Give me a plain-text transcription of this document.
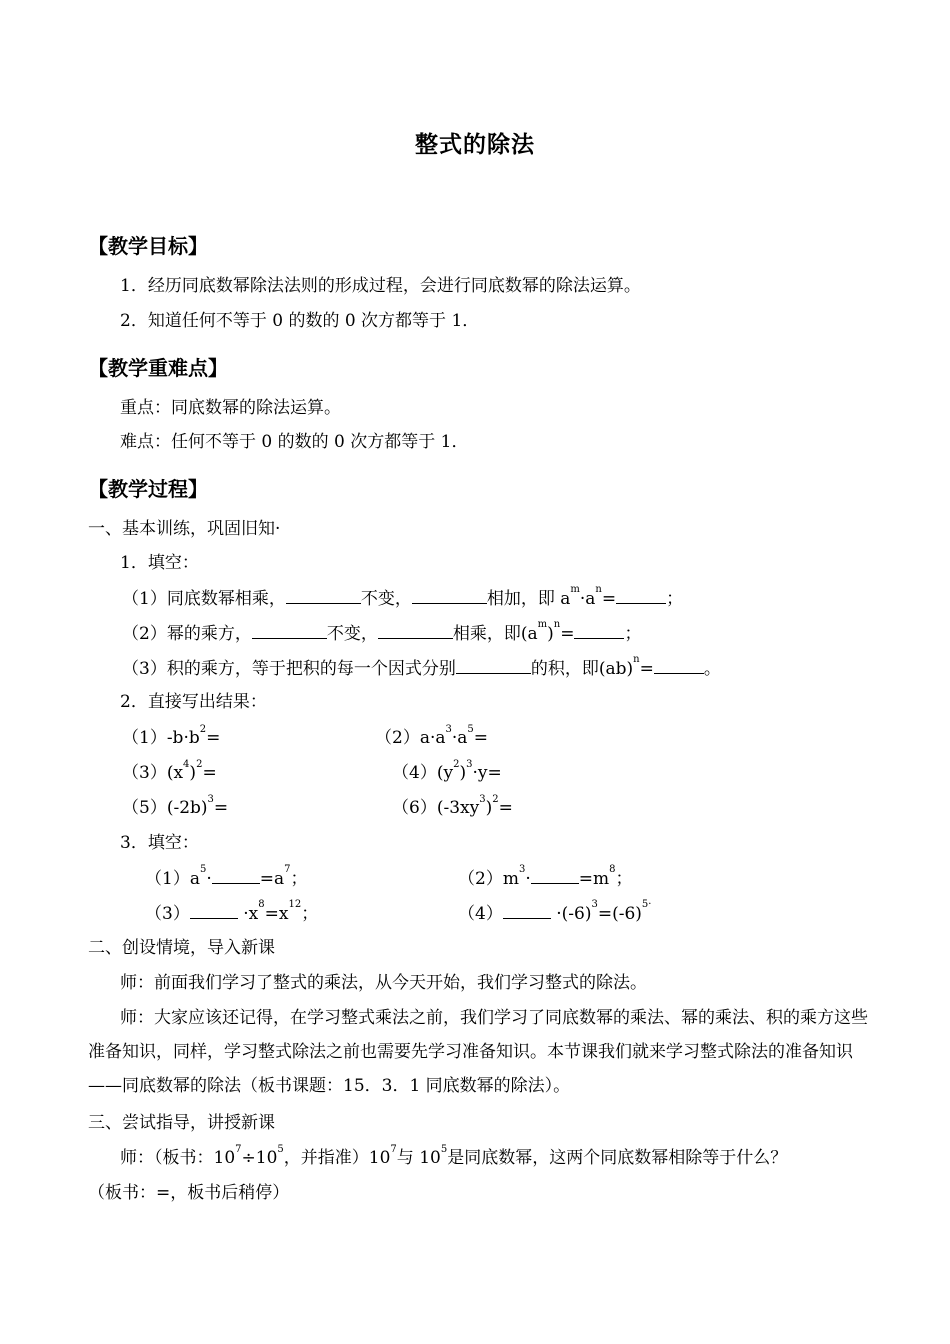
整式的除法
【教学目标】
1．经历同底数幂除法法则的形成过程，会进行同底数幂的除法运算。
2．知道任何不等于 0 的数的 0 次方都等于 1．
【教学重难点】
重点：同底数幂的除法运算。
难点：任何不等于 0 的数的 0 次方都等于 1．
【教学过程】
一、基本训练，巩固旧知·
1．填空：
（1）同底数幂相乘，	不变，	相加，即 $a^m\cdot a^n=$	；
（2）幂的乘方，	不变，	相乘，即$(a^m)^n=$	；
（3）积的乘方，等于把积的每一个因式分别	的积，即(ab)$^n$=	。
2．直接写出结果：
$(1)-b\cdot b^2=$	$(2)a\cdot a^3\cdot a^5=$
$(3)(x^4)^2=$	$(4)(y^2)^3\cdot y=$
$(5)(-2b)^3=$	$(6)(-3xy^3)^2=$
3．填空：
$(1)a^5\cdot$	$=a^7$；	$(2)m^3\cdot$	$=m^8$；
（3）	$\cdot x^8=x^{12}$；	（4）	$\cdot(-6)^3=(-6)^{5\cdot}$
二、创设情境，导入新课
师：前面我们学习了整式的乘法，从今天开始，我们学习整式的除法。
师：大家应该还记得，在学习整式乘法之前，我们学习了同底数幂的乘法、幂的乘法、积的乘方这些准备知识，同样，学习整式除法之前也需要先学习准备知识。本节课我们就来学习整式除法的准备知识——同底数幂的除法（板书课题：15．3．1 同底数幂的除法）。
三、尝试指导，讲授新课
师：（板书：$10^7\div 10^5$，并指准）$10^7$与 $10^5$是同底数幂，这两个同底数幂相除等于什么？
（板书：=，板书后稍停）
